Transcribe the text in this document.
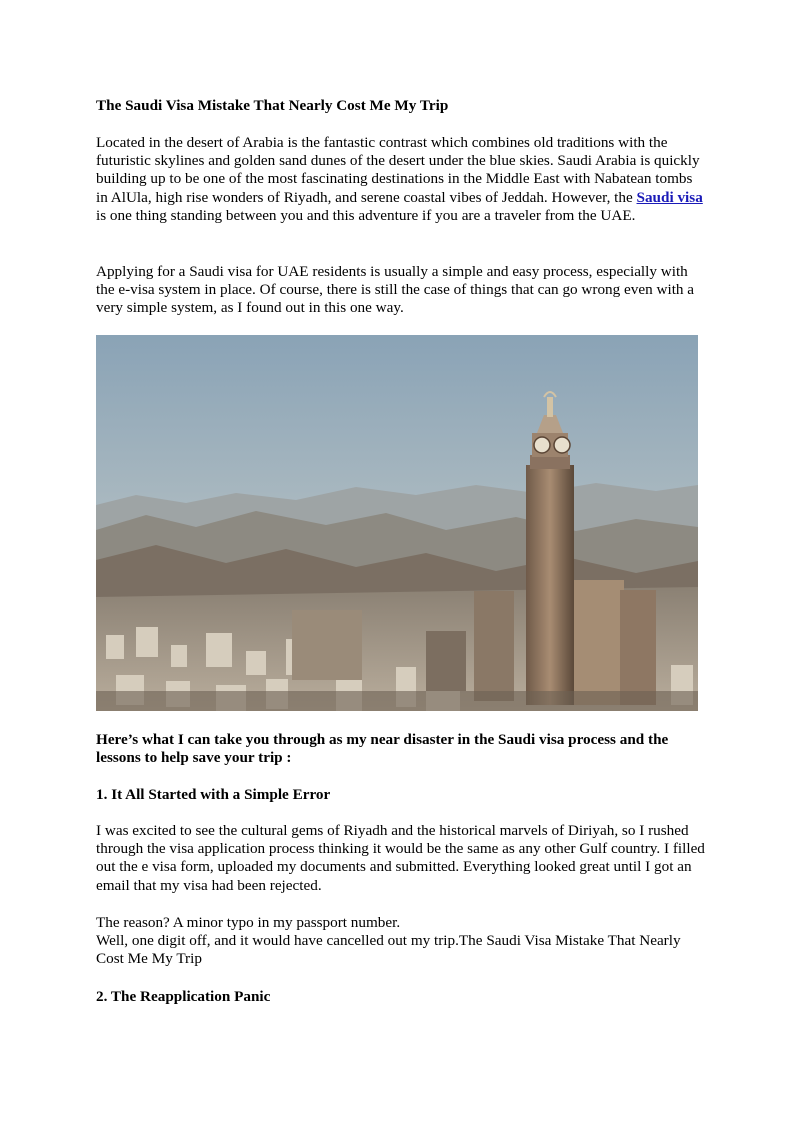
The Saudi Visa Mistake That Nearly Cost Me My Trip

Located in the desert of Arabia is the fantastic contrast which combines old traditions with the futuristic skylines and golden sand dunes of the desert under the blue skies. Saudi Arabia is quickly building up to be one of the most fascinating destinations in the Middle East with Nabatean tombs in AlUla, high rise wonders of Riyadh, and serene coastal vibes of Jeddah. However, the Saudi visa is one thing standing between you and this adventure if you are a traveler from the UAE.

Applying for a Saudi visa for UAE residents is usually a simple and easy process, especially with the e-visa system in place. Of course, there is still the case of things that can go wrong even with a very simple system, as I found out in this one way.

Here’s what I can take you through as my near disaster in the Saudi visa process and the lessons to help save your trip :

1. It All Started with a Simple Error

I was excited to see the cultural gems of Riyadh and the historical marvels of Diriyah, so I rushed through the visa application process thinking it would be the same as any other Gulf country. I filled out the e visa form, uploaded my documents and submitted. Everything looked great until I got an email that my visa had been rejected.

The reason? A minor typo in my passport number.

Well, one digit off, and it would have cancelled out my trip.The Saudi Visa Mistake That Nearly Cost Me My Trip

2. The Reapplication Panic
